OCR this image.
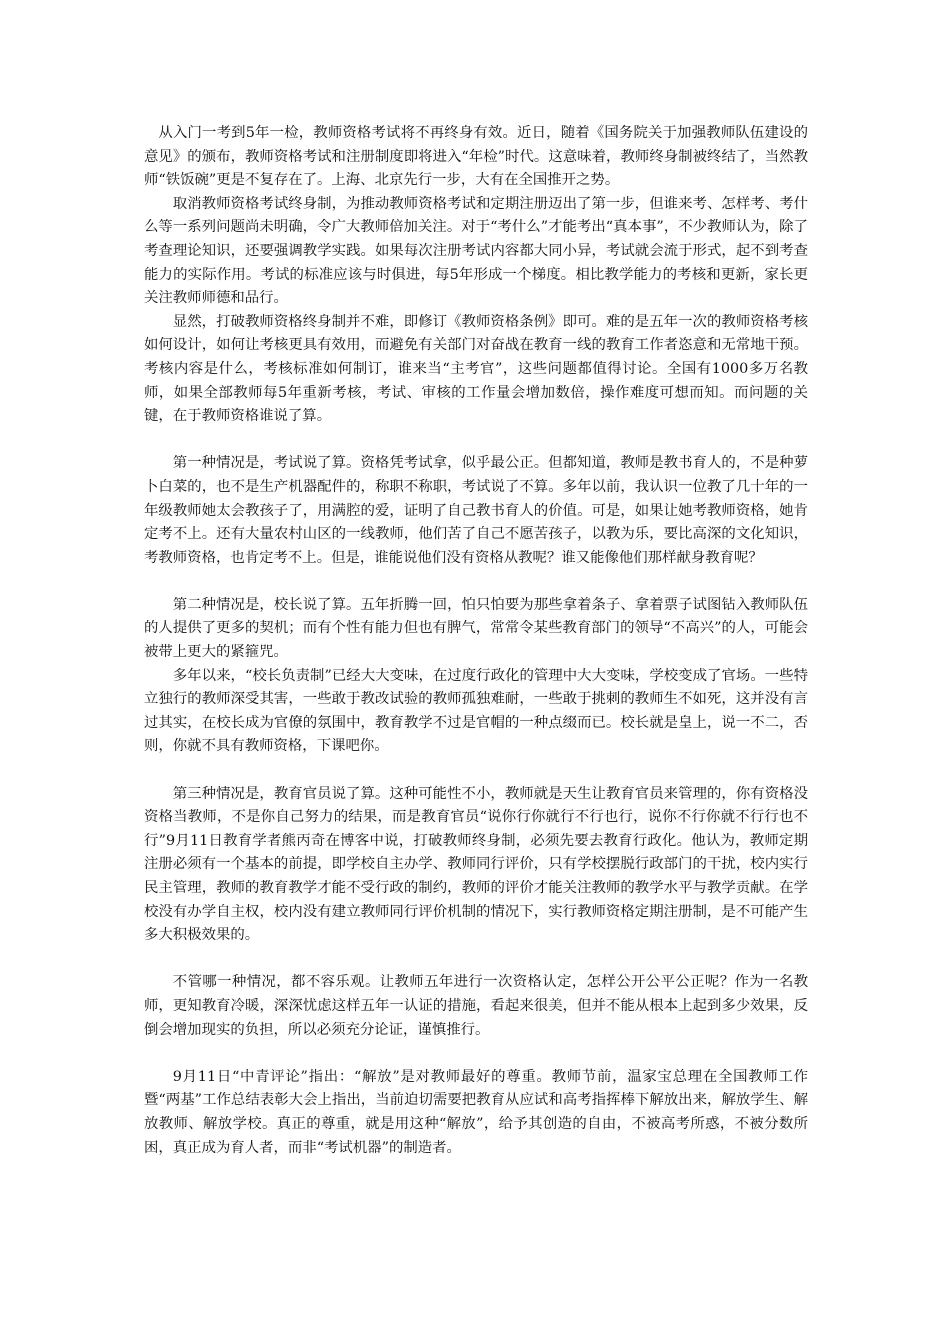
从入门一考到5年一检，教师资格考试将不再终身有效。近日，随着《国务院关于加强教师队伍建设的意见》的颁布，教师资格考试和注册制度即将进入“年检”时代。这意味着，教师终身制被终结了，当然教师“铁饭碗”更是不复存在了。上海、北京先行一步，大有在全国推开之势。

取消教师资格考试终身制，为推动教师资格考试和定期注册迈出了第一步，但谁来考、怎样考、考什么等一系列问题尚未明确，令广大教师倍加关注。对于“考什么”才能考出“真本事”，不少教师认为，除了考查理论知识，还要强调教学实践。如果每次注册考试内容都大同小异，考试就会流于形式，起不到考查能力的实际作用。考试的标准应该与时俱进，每5年形成一个梯度。相比教学能力的考核和更新，家长更关注教师师德和品行。

显然，打破教师资格终身制并不难，即修订《教师资格条例》即可。难的是五年一次的教师资格考核如何设计，如何让考核更具有效用，而避免有关部门对奋战在教育一线的教育工作者恣意和无常地干预。考核内容是什么，考核标准如何制订，谁来当“主考官”，这些问题都值得讨论。全国有1000多万名教师，如果全部教师每5年重新考核，考试、审核的工作量会增加数倍，操作难度可想而知。而问题的关键，在于教师资格谁说了算。

第一种情况是，考试说了算。资格凭考试拿，似乎最公正。但都知道，教师是教书育人的，不是种萝卜白菜的，也不是生产机器配件的，称职不称职，考试说了不算。多年以前，我认识一位教了几十年的一年级教师她太会教孩子了，用满腔的爱，证明了自己教书育人的价值。可是，如果让她考教师资格，她肯定考不上。还有大量农村山区的一线教师，他们苦了自己不愿苦孩子，以教为乐，要比高深的文化知识，考教师资格，也肯定考不上。但是，谁能说他们没有资格从教呢？谁又能像他们那样献身教育呢？

第二种情况是，校长说了算。五年折腾一回，怕只怕要为那些拿着条子、拿着票子试图钻入教师队伍的人提供了更多的契机；而有个性有能力但也有脾气，常常令某些教育部门的领导“不高兴”的人，可能会被带上更大的紧箍咒。

多年以来，“校长负责制”已经大大变味，在过度行政化的管理中大大变味，学校变成了官场。一些特立独行的教师深受其害，一些敢于教改试验的教师孤独难耐，一些敢于挑刺的教师生不如死，这并没有言过其实，在校长成为官僚的氛围中，教育教学不过是官帽的一种点缀而已。校长就是皇上，说一不二，否则，你就不具有教师资格，下课吧你。

第三种情况是，教育官员说了算。这种可能性不小，教师就是天生让教育官员来管理的，你有资格没资格当教师，不是你自己努力的结果，而是教育官员“说你行你就行不行也行，说你不行你就不行行也不行”9月11日教育学者熊丙奇在博客中说，打破教师终身制，必须先要去教育行政化。他认为，教师定期注册必须有一个基本的前提，即学校自主办学、教师同行评价，只有学校摆脱行政部门的干扰，校内实行民主管理，教师的教育教学才能不受行政的制约，教师的评价才能关注教师的教学水平与教学贡献。在学校没有办学自主权，校内没有建立教师同行评价机制的情况下，实行教师资格定期注册制，是不可能产生多大积极效果的。

不管哪一种情况，都不容乐观。让教师五年进行一次资格认定，怎样公开公平公正呢？作为一名教师，更知教育冷暖，深深忧虑这样五年一认证的措施，看起来很美，但并不能从根本上起到多少效果，反倒会增加现实的负担，所以必须充分论证，谨慎推行。

9月11日“中青评论”指出：“解放”是对教师最好的尊重。教师节前，温家宝总理在全国教师工作暨“两基”工作总结表彰大会上指出，当前迫切需要把教育从应试和高考指挥棒下解放出来，解放学生、解放教师、解放学校。真正的尊重，就是用这种“解放”，给予其创造的自由，不被高考所惑，不被分数所困，真正成为育人者，而非“考试机器”的制造者。
